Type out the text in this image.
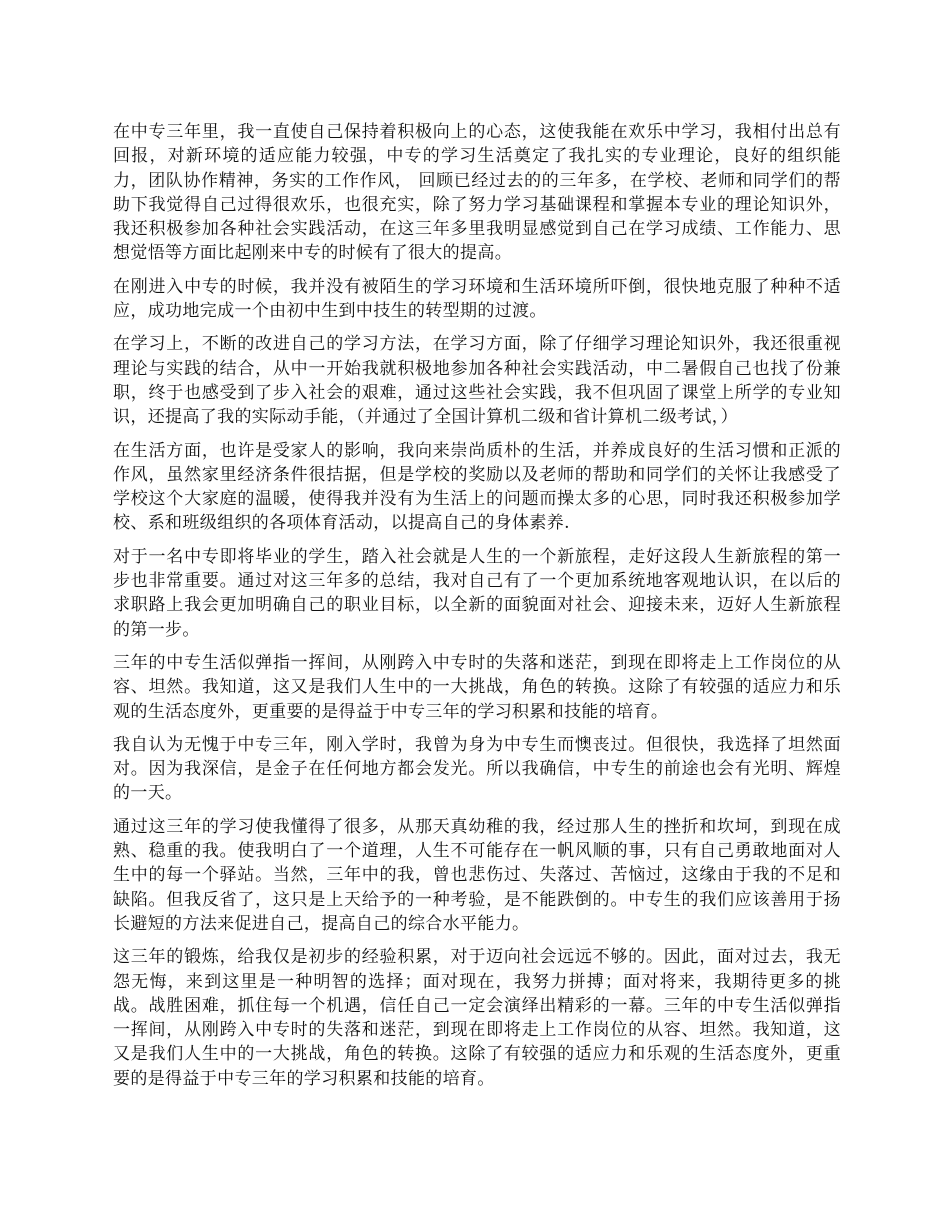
在中专三年里，我一直使自己保持着积极向上的心态，这使我能在欢乐中学习，我相付出总有回报，对新环境的适应能力较强，中专的学习生活奠定了我扎实的专业理论，良好的组织能力，团队协作精神，务实的工作作风， 回顾已经过去的的三年多，在学校、老师和同学们的帮助下我觉得自己过得很欢乐，也很充实，除了努力学习基础课程和掌握本专业的理论知识外，我还积极参加各种社会实践活动，在这三年多里我明显感觉到自己在学习成绩、工作能力、思想觉悟等方面比起刚来中专的时候有了很大的提高。

在刚进入中专的时候，我并没有被陌生的学习环境和生活环境所吓倒，很快地克服了种种不适应，成功地完成一个由初中生到中技生的转型期的过渡。

在学习上，不断的改进自己的学习方法，在学习方面，除了仔细学习理论知识外，我还很重视理论与实践的结合，从中一开始我就积极地参加各种社会实践活动，中二暑假自己也找了份兼职，终于也感受到了步入社会的艰难，通过这些社会实践，我不但巩固了课堂上所学的专业知识，还提高了我的实际动手能，（并通过了全国计算机二级和省计算机二级考试，）

在生活方面，也许是受家人的影响，我向来崇尚质朴的生活，并养成良好的生活习惯和正派的作风，虽然家里经济条件很拮据，但是学校的奖励以及老师的帮助和同学们的关怀让我感受了学校这个大家庭的温暖，使得我并没有为生活上的问题而操太多的心思，同时我还积极参加学校、系和班级组织的各项体育活动，以提高自己的身体素养.

对于一名中专即将毕业的学生，踏入社会就是人生的一个新旅程，走好这段人生新旅程的第一步也非常重要。通过对这三年多的总结，我对自己有了一个更加系统地客观地认识，在以后的求职路上我会更加明确自己的职业目标，以全新的面貌面对社会、迎接未来，迈好人生新旅程的第一步。

三年的中专生活似弹指一挥间，从刚跨入中专时的失落和迷茫，到现在即将走上工作岗位的从容、坦然。我知道，这又是我们人生中的一大挑战，角色的转换。这除了有较强的适应力和乐观的生活态度外，更重要的是得益于中专三年的学习积累和技能的培育。

我自认为无愧于中专三年，刚入学时，我曾为身为中专生而懊丧过。但很快，我选择了坦然面对。因为我深信，是金子在任何地方都会发光。所以我确信，中专生的前途也会有光明、辉煌的一天。

通过这三年的学习使我懂得了很多，从那天真幼稚的我，经过那人生的挫折和坎坷，到现在成熟、稳重的我。使我明白了一个道理，人生不可能存在一帆风顺的事，只有自己勇敢地面对人生中的每一个驿站。当然，三年中的我，曾也悲伤过、失落过、苦恼过，这缘由于我的不足和缺陷。但我反省了，这只是上天给予的一种考验，是不能跌倒的。中专生的我们应该善用于扬长避短的方法来促进自己，提高自己的综合水平能力。

这三年的锻炼，给我仅是初步的经验积累，对于迈向社会远远不够的。因此，面对过去，我无怨无悔，来到这里是一种明智的选择；面对现在，我努力拼搏；面对将来，我期待更多的挑战。战胜困难，抓住每一个机遇，信任自己一定会演绎出精彩的一幕。三年的中专生活似弹指一挥间，从刚跨入中专时的失落和迷茫，到现在即将走上工作岗位的从容、坦然。我知道，这又是我们人生中的一大挑战，角色的转换。这除了有较强的适应力和乐观的生活态度外，更重要的是得益于中专三年的学习积累和技能的培育。
